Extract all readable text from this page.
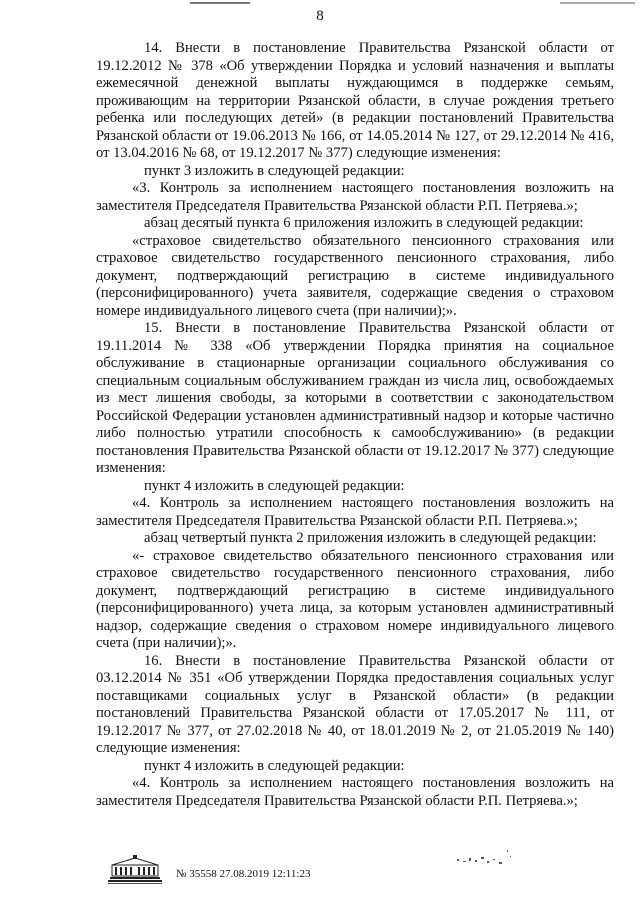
8

14. Внести в постановление Правительства Рязанской области от 19.12.2012 № 378 «Об утверждении Порядка и условий назначения и выплаты ежемесячной денежной выплаты нуждающимся в поддержке семьям, проживающим на территории Рязанской области, в случае рождения третьего ребенка или последующих детей» (в редакции постановлений Правительства Рязанской области от 19.06.2013 № 166, от 14.05.2014 № 127, от 29.12.2014 № 416, от 13.04.2016 № 68, от 19.12.2017 № 377) следующие изменения:

пункт 3 изложить в следующей редакции:

«3. Контроль за исполнением настоящего постановления возложить на заместителя Председателя Правительства Рязанской области Р.П. Петряева.»;

абзац десятый пункта 6 приложения изложить в следующей редакции:

«страховое свидетельство обязательного пенсионного страхования или страховое свидетельство государственного пенсионного страхования, либо документ, подтверждающий регистрацию в системе индивидуального (персонифицированного) учета заявителя, содержащие сведения о страховом номере индивидуального лицевого счета (при наличии);».

15. Внести в постановление Правительства Рязанской области от 19.11.2014 № 338 «Об утверждении Порядка принятия на социальное обслуживание в стационарные организации социального обслуживания со специальным социальным обслуживанием граждан из числа лиц, освобождаемых из мест лишения свободы, за которыми в соответствии с законодательством Российской Федерации установлен административный надзор и которые частично либо полностью утратили способность к самообслуживанию» (в редакции постановления Правительства Рязанской области от 19.12.2017 № 377) следующие изменения:

пункт 4 изложить в следующей редакции:

«4. Контроль за исполнением настоящего постановления возложить на заместителя Председателя Правительства Рязанской области Р.П. Петряева.»;

абзац четвертый пункта 2 приложения изложить в следующей редакции:

«- страховое свидетельство обязательного пенсионного страхования или страховое свидетельство государственного пенсионного страхования, либо документ, подтверждающий регистрацию в системе индивидуального (персонифицированного) учета лица, за которым установлен административный надзор, содержащие сведения о страховом номере индивидуального лицевого счета (при наличии);».

16. Внести в постановление Правительства Рязанской области от 03.12.2014 № 351 «Об утверждении Порядка предоставления социальных услуг поставщиками социальных услуг в Рязанской области» (в редакции постановлений Правительства Рязанской области от 17.05.2017 № 111, от 19.12.2017 № 377, от 27.02.2018 № 40, от 18.01.2019 № 2, от 21.05.2019 № 140) следующие изменения:

пункт 4 изложить в следующей редакции:

«4. Контроль за исполнением настоящего постановления возложить на заместителя Председателя Правительства Рязанской области Р.П. Петряева.»;

№ 35558 27.08.2019 12:11:23
